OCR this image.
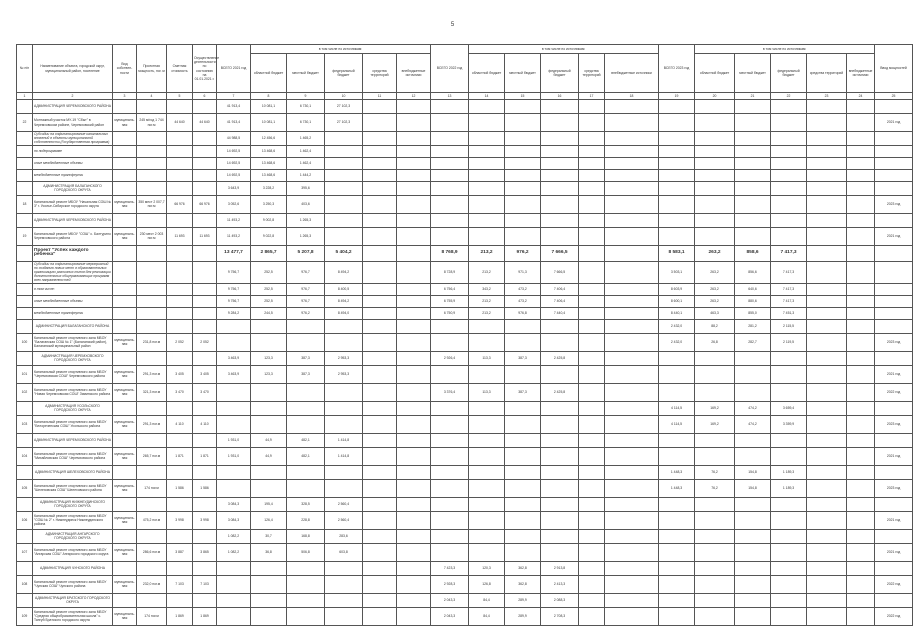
5
№ п/п	Наименование объекта, городской округ, муниципальный район, поселение	Вид собствен-ности	Проектная мощность, пог. м	Сметная стоимость	Осуществление деятельности по состоянию на 01.01.2021 г.	ВСЕГО 2021 год	в том числе по источникам:					ВСЕГО 2022 год	в том числе по источникам:					ВСЕГО 2023 год	в том числе по источникам:					Ввод мощностей
							областной бюджет	местный бюджет	федеральный бюджет	средства территорий	внебюджетные источники		областной бюджет	местный бюджет	федеральный бюджет	средства территорий	внебюджетные источники		областной бюджет	местный бюджет	федеральный бюджет	средства территорий	внебюджетные источники	
1	2	3	4	5	6	7	8	9	10	11	12	13	14	15	16	17	18	19	20	21	22	23	24	25
	АДМИНИСТРАЦИЯ ЧЕРЕМХОВСКОГО РАЙОНА					41 913,4	10 081,1	6 730,1	27 102,3															
22	Монтажный участок МУ-19 "Сбыт" в Черемховском районе, Черемховский район	муниципаль-ная	245 м/год 1 744 пог.м	44 640	44 640	41 913,4	10 081,1	6 730,1	27 102,3															2021 год
	Субсидии на софинансирование капитальных вложений в объекты муниципальной собственности (Государственная программа)					44 988,5	12 456,6	1 465,2																
	по подпрограмме					14 692,5	13 468,6	1 462,4																
	иные межбюджетные объемы					14 692,5	13 468,6	1 462,4																
	межбюджетные трансферты					14 692,5	13 468,6	1 444,2																
	АДМИНИСТРАЦИЯ БАЛАГАНСКОГО ГОРОДСКОГО ОКРУГА					3 643,9	3 228,2	395,6																
18	Капитальный ремонт МБОУ "Начальная СОШ № 3" г. Усолье-Сибирское городского округа	муниципаль-ная	350 мест 2 007,7 пог.м	66 976	66 976	3 052,6	3 250,3	403,6																2023 год
	АДМИНИСТРАЦИЯ ЧЕРЕМХОВСКОГО РАЙОНА					11 493,2	9 002,8	1 265,3																
19	Капитальный ремонт МБОУ "СОШ" с. Балтурино Черемховского района	муниципаль-ная	230 мест 2 003 пог.м	11 693	11 693	11 493,2	9 022,8	1 265,3																2021 год
	Проект "Успех каждого ребенка"					13 477,7	2 865,7	5 207,8	5 404,2			8 768,9	213,2	976,2	7 666,5			8 583,1	263,2	858,6	7 417,3			
	Субсидии на софинансирование мероприятий по созданию новых мест в образовательных организациях различных типов для реализации дополнительных общеразвивающих программ всех направленностей					9 756,7	252,5	976,7	8 494,2			8 728,9	213,2	971,3	7 666,5			3 503,1	263,2	856,6	7 417,3			
	в том числе:					9 756,7	252,5	976,7	8 400,5			6 756,4	343,2	473,2	7 406,4			8 603,9	263,2	640,6	7 417,3			
	иные межбюджетные объемы					9 756,7	252,5	976,7	8 494,2			6 755,9	213,2	473,2	7 406,4			8 600,1	263,2	880,6	7 417,3			
	межбюджетные трансферты					9 284,2	244,5	976,2	8 494,0			6 750,9	213,2	976,8	7 440,4			8 440,1	463,3	855,0	7 451,3			
	АДМИНИСТРАЦИЯ БАЛАГАНСКОГО РАЙОНА																	2 432,0	88,2	281,2	2 115,5			
100	Капитальный ремонт спортивного зала МБОУ "Балаганская СОШ № 1" (Балаганский район), Балаганский муниципальный район	муниципаль-ная	231,8 пог.м	2 052	2 052													2 432,0	26,8	282,7	2 119,5			2023 год
	АДМИНИСТРАЦИЯ ЧЕРЕМХОВСКОГО ГОРОДСКОГО ОКРУГА					3 463,9	123,3	387,3	2 953,3			2 926,4	113,3	387,3	2 425,8									
101	Капитальный ремонт спортивного зала МБОУ "Черемховская СОШ" Черемховского района	муниципаль-ная	291,3 пог.м	3 405	3 405	3 463,9	123,3	387,3	2 953,3															2021 год
102	Капитальный ремонт спортивного зала МБОУ "Новая Черемховская СОШ" Зиминского района	муниципаль-ная	321,3 пог.м	3 470	3 470							3 376,4	113,3	387,3	2 425,8									2022 год
	АДМИНИСТРАЦИЯ УСОЛЬСКОГО ГОРОДСКОГО ОКРУГА																	4 114,5	169,2	474,2	3 659,4			
103	Капитальный ремонт спортивного зала МБОУ "Белореченская СОШ" Усольского района	муниципаль-ная	291,3 пог.м	4 110	4 110													4 114,5	169,2	474,2	3 359,9			2023 год
	АДМИНИСТРАЦИЯ ЧЕРЕМХОВСКОГО РАЙОНА					1 931,0	44,9	482,1	1 414,8															
104	Капитальный ремонт спортивного зала МБОУ "Михайловская СОШ" Черемховского района	муниципаль-ная	265,7 пог.м	1 871	1 871	1 931,0	44,9	482,1	1 414,8															2021 год
	АДМИНИСТРАЦИЯ ШЕЛЕХОВСКОГО РАЙОНА																	1 448,3	76,2	154,8	1 189,3			
105	Капитальный ремонт спортивного зала МБОУ "Шелеховская СОШ" Шелеховского района	муниципаль-ная	174 пог.м	1 586	1 586													1 448,3	76,2	154,8	1 189,3			2023 год
	АДМИНИСТРАЦИЯ НИЖНЕУДИНСКОГО ГОРОДСКОГО ОКРУГА					3 084,3	195,4	328,5	2 560,4															
106	Капитальный ремонт спортивного зала МБОУ "СОШ № 2" г. Нижнеудинск Нижнеудинского района	муниципаль-ная	475,2 пог.м	3 998	3 998	3 084,3	126,4	228,8	2 560,4															2021 год
	АДМИНИСТРАЦИЯ АНГАРСКОГО ГОРОДСКОГО ОКРУГА					1 082,2	30,7	168,8	283,6															
107	Капитальный ремонт спортивного зала МБОУ "Ангарская СОШ" Ангарского городского округа	муниципаль-ная	286,6 пог.м	3 887	3 865	1 082,2	36,8	506,8	603,8															2021 год
	АДМИНИСТРАЦИЯ ЧУНСКОГО РАЙОНА											7 423,3	120,3	362,8	2 913,8									
108	Капитальный ремонт спортивного зала МБОУ "Чунская СОШ" Чунского района	муниципаль-ная	232,0 пог.м	7 103	7 103							2 928,3	126,8	362,8	2 413,3									2022 год
	АДМИНИСТРАЦИЯ БРАТСКОГО ГОРОДСКОГО ОКРУГА											2 043,3	84,4	289,9	2 088,3									
109	Капитальный ремонт спортивного зала МБОУ "Средняя общеобразовательная школа" с. Тангуй Братского городского округа	муниципаль-ная	174 пог.м	1 869	1 869							2 043,3	84,4	289,9	2 708,3									2022 год
